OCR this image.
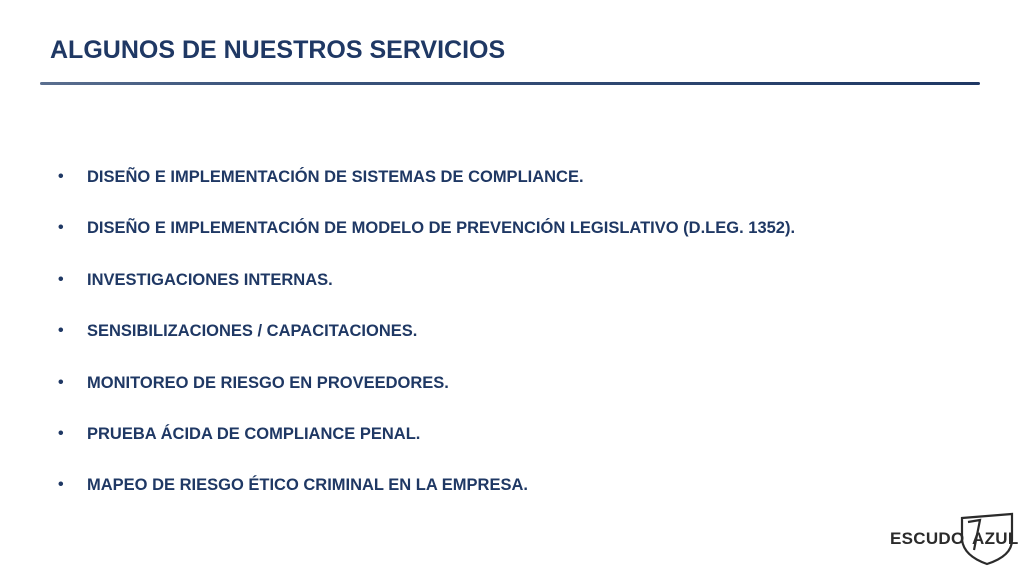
ALGUNOS DE NUESTROS SERVICIOS
• DISEÑO E IMPLEMENTACIÓN DE SISTEMAS DE COMPLIANCE.
• DISEÑO E IMPLEMENTACIÓN DE MODELO DE PREVENCIÓN LEGISLATIVO (D.LEG. 1352).
• INVESTIGACIONES INTERNAS.
• SENSIBILIZACIONES / CAPACITACIONES.
• MONITOREO DE RIESGO EN PROVEEDORES.
• PRUEBA ÁCIDA DE COMPLIANCE PENAL.
• MAPEO DE RIESGO ÉTICO CRIMINAL EN LA EMPRESA.
ESCUDO AZUL
